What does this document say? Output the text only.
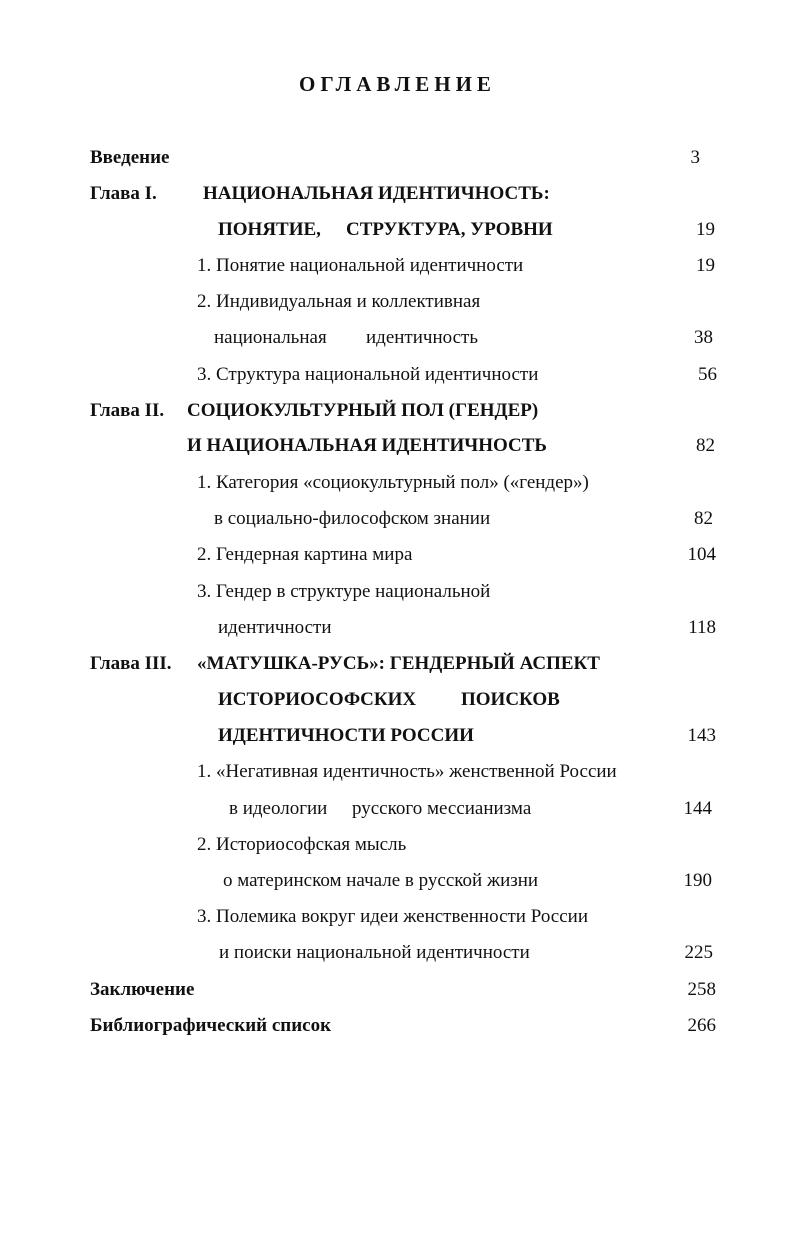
ОГЛАВЛЕНИЕ
Введение	3
Глава I. НАЦИОНАЛЬНАЯ ИДЕНТИЧНОСТЬ:
ПОНЯТИЕ, СТРУКТУРА, УРОВНИ	19
1. Понятие национальной идентичности	19
2. Индивидуальная и коллективная
национальная идентичность	38
3. Структура национальной идентичности	56
Глава II. СОЦИОКУЛЬТУРНЫЙ ПОЛ (ГЕНДЕР)
И НАЦИОНАЛЬНАЯ ИДЕНТИЧНОСТЬ	82
1. Категория «социокультурный пол» («гендер»)
в социально-философском знании	82
2. Гендерная картина мира	104
3. Гендер в структуре национальной
идентичности	118
Глава III. «МАТУШКА-РУСЬ»: ГЕНДЕРНЫЙ АСПЕКТ
ИСТОРИОСОФСКИХ ПОИСКОВ
ИДЕНТИЧНОСТИ РОССИИ	143
1. «Негативная идентичность» женственной России
в идеологии русского мессианизма	144
2. Историософская мысль
о материнском начале в русской жизни	190
3. Полемика вокруг идеи женственности России
и поиски национальной идентичности	225
Заключение	258
Библиографический список	266
